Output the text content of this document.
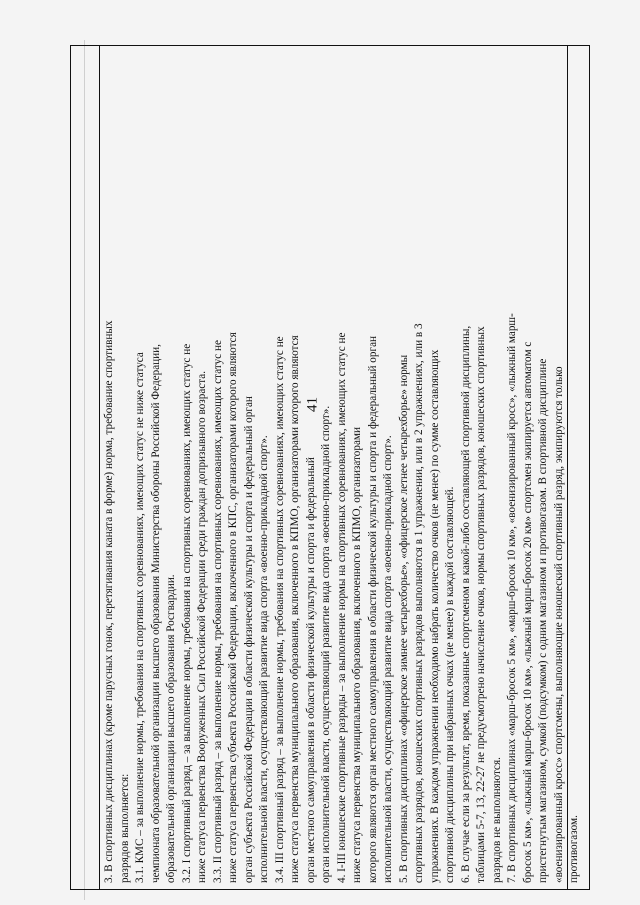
41
3. В спортивных дисциплинах (кроме парусных гонок, перетягивания каната в форме) норма, требование спортивных разрядов выполняется: 3.1. КМС – за выполнение нормы, требования на спортивных соревнованиях, имеющих статус не ниже статуса чемпионата образовательной организации высшего образования Министерства обороны Российской Федерации, образовательной организации высшего образования Росгвардии. 3.2. I спортивный разряд – за выполнение нормы, требования на спортивных соревнованиях, имеющих статус не ниже статуса первенства Вооруженных Сил Российской Федерации среди граждан допризывного возраста. 3.3. II спортивный разряд – за выполнение нормы, требования на спортивных соревнованиях, имеющих статус не ниже статуса первенства субъекта Российской Федерации, включенного в КПС, организаторами которого являются орган субъекта Российской Федерации в области физической культуры и спорта и федеральный орган исполнительной власти, осуществляющий развитие вида спорта «военно-прикладной спорт». 3.4. III спортивный разряд – за выполнение нормы, требования на спортивных соревнованиях, имеющих статус не ниже статуса первенства муниципального образования, включенного в КПМО, организаторами которого являются орган местного самоуправления в области физической культуры и спорта и федеральный орган исполнительной власти, осуществляющий развитие вида спорта «военно-прикладной спорт». 4. I-III юношеские спортивные разряды – за выполнение нормы на спортивных соревнованиях, имеющих статус не ниже статуса первенства муниципального образования, включенного в КПМО, организаторами которого являются орган местного самоуправления в области физической культуры и спорта и федеральный орган исполнительной власти, осуществляющий развитие вида спорта «военно-прикладной спорт». 5. В спортивных дисциплинах «офицерское зимнее четырехборье», «офицерское летнее четырехборье» нормы спортивных разрядов, юношеских спортивных разрядов выполняются в 1 упражнении, или в 2 упражнениях, или в 3 упражнениях. В каждом упражнении необходимо набрать количество очков (не менее) по сумме составляющих спортивной дисциплины при набранных очках (не менее) в каждой составляющей. 6. В случае если за результат, время, показанные спортсменом в какой-либо составляющей спортивной дисциплины, таблицами 5-7, 13, 22-27 не предусмотрено начисление очков, нормы спортивных разрядов, юношеских спортивных разрядов не выполняются. 7. В спортивных дисциплинах «марш-бросок 5 км», «марш-бросок 10 км», «военизированный кросс», «лыжный марш- бросок 5 км», «лыжный марш-бросок 10 км», «лыжный марш-бросок 20 км» спортсмен экипируется автоматом с пристегнутым магазином, сумкой (подсумком) с одним магазином и противогазом. В спортивной дисциплине «военизированный кросс» спортсмены, выполняющие юношеский спортивный разряд, экипируются только противогазом.
